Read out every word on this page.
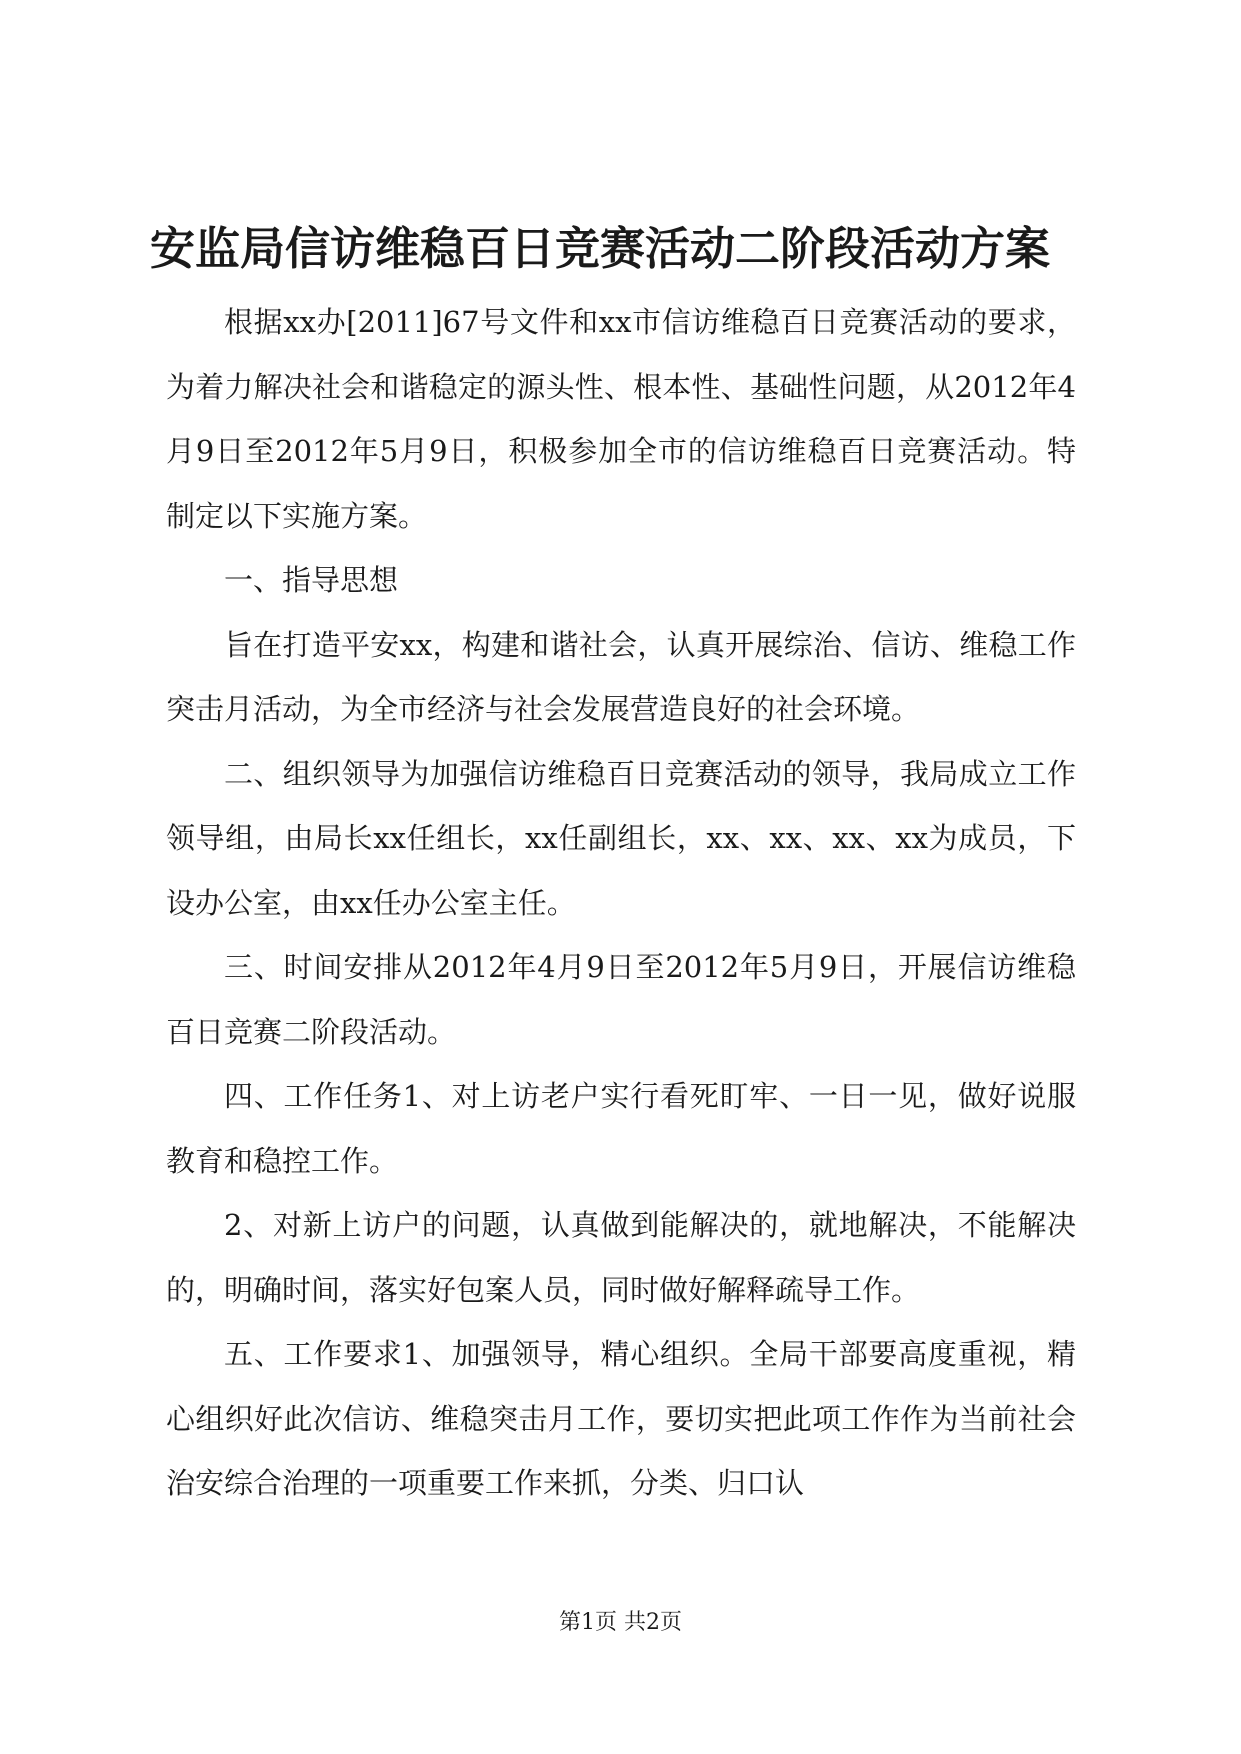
安监局信访维稳百日竞赛活动二阶段活动方案

根据xx办[2011]67号文件和xx市信访维稳百日竞赛活动的要求，为着力解决社会和谐稳定的源头性、根本性、基础性问题，从2012年4月9日至2012年5月9日，积极参加全市的信访维稳百日竞赛活动。特制定以下实施方案。

一、指导思想

旨在打造平安xx，构建和谐社会，认真开展综治、信访、维稳工作突击月活动，为全市经济与社会发展营造良好的社会环境。

二、组织领导为加强信访维稳百日竞赛活动的领导，我局成立工作领导组，由局长xx任组长，xx任副组长，xx、xx、xx、xx为成员，下设办公室，由xx任办公室主任。

三、时间安排从2012年4月9日至2012年5月9日，开展信访维稳百日竞赛二阶段活动。

四、工作任务1、对上访老户实行看死盯牢、一日一见，做好说服教育和稳控工作。

2、对新上访户的问题，认真做到能解决的，就地解决，不能解决的，明确时间，落实好包案人员，同时做好解释疏导工作。

五、工作要求1、加强领导，精心组织。全局干部要高度重视，精心组织好此次信访、维稳突击月工作，要切实把此项工作作为当前社会治安综合治理的一项重要工作来抓，分类、归口认

第1页 共2页
